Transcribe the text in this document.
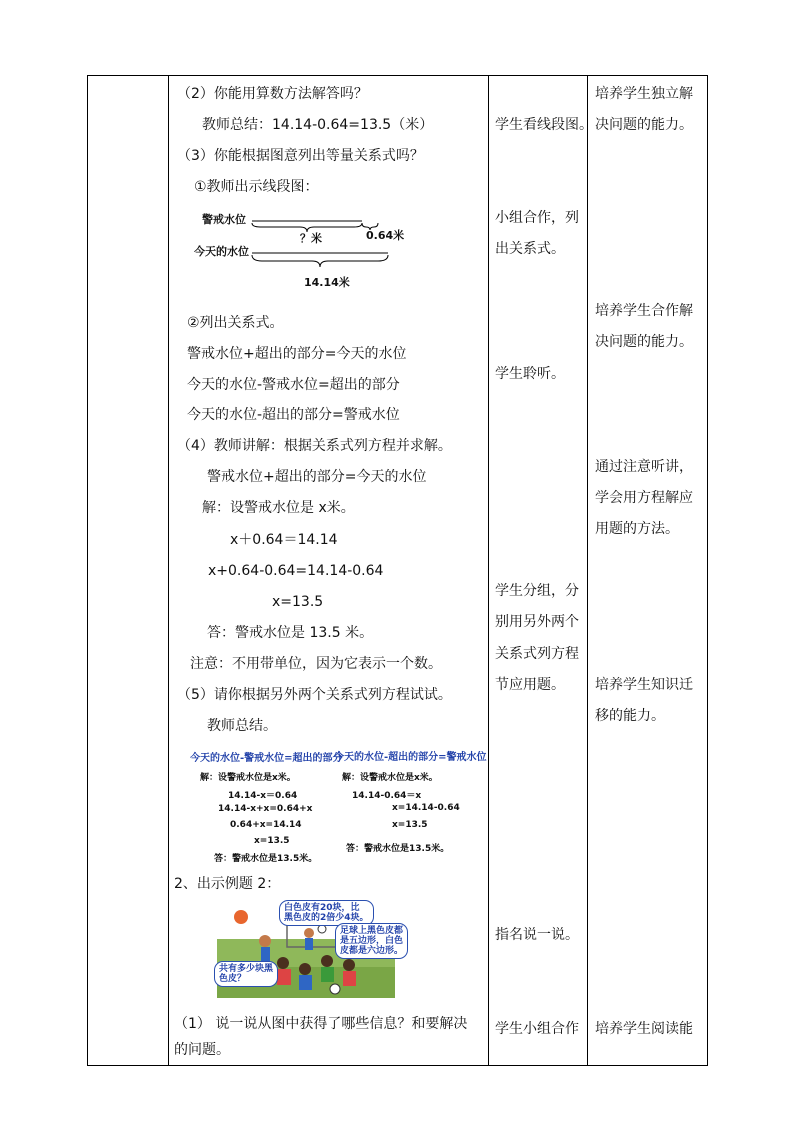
（2）你能用算数方法解答吗？
教师总结：14.14-0.64=13.5（米）
（3）你能根据图意列出等量关系式吗？
①教师出示线段图：
警戒水位
今天的水位
？米	0.64米
14.14米
②列出关系式。
警戒水位+超出的部分=今天的水位
今天的水位-警戒水位=超出的部分
今天的水位-超出的部分=警戒水位
（4）教师讲解：根据关系式列方程并求解。
警戒水位+超出的部分=今天的水位
解：设警戒水位是 x米。
x＋0.64＝14.14
x+0.64-0.64=14.14-0.64
x=13.5
答：警戒水位是 13.5 米。
注意：不用带单位，因为它表示一个数。
（5）请你根据另外两个关系式列方程试试。
教师总结。
今天的水位-警戒水位=超出的部分
解：设警戒水位是x米。
14.14-x＝0.64
14.14-x+x=0.64+x
0.64+x=14.14
x=13.5
答：警戒水位是13.5米。
今天的水位-超出的部分=警戒水位
解：设警戒水位是x米。
14.14-0.64＝x
x=14.14-0.64
x=13.5
答：警戒水位是13.5米。
2、出示例题 2：
白色皮有20块，比
黑色皮的2倍少4块。
足球上黑色皮都
是五边形，白色
皮都是六边形。
共有多少块黑
色皮？
（1） 说一说从图中获得了哪些信息？和要解决
的问题。
学生看线段图。
小组合作，列
出关系式。
学生聆听。
学生分组，分
别用另外两个
关系式列方程
节应用题。
指名说一说。
学生小组合作
培养学生独立解
决问题的能力。
培养学生合作解
决问题的能力。
通过注意听讲，
学会用方程解应
用题的方法。
培养学生知识迁
移的能力。
培养学生阅读能
